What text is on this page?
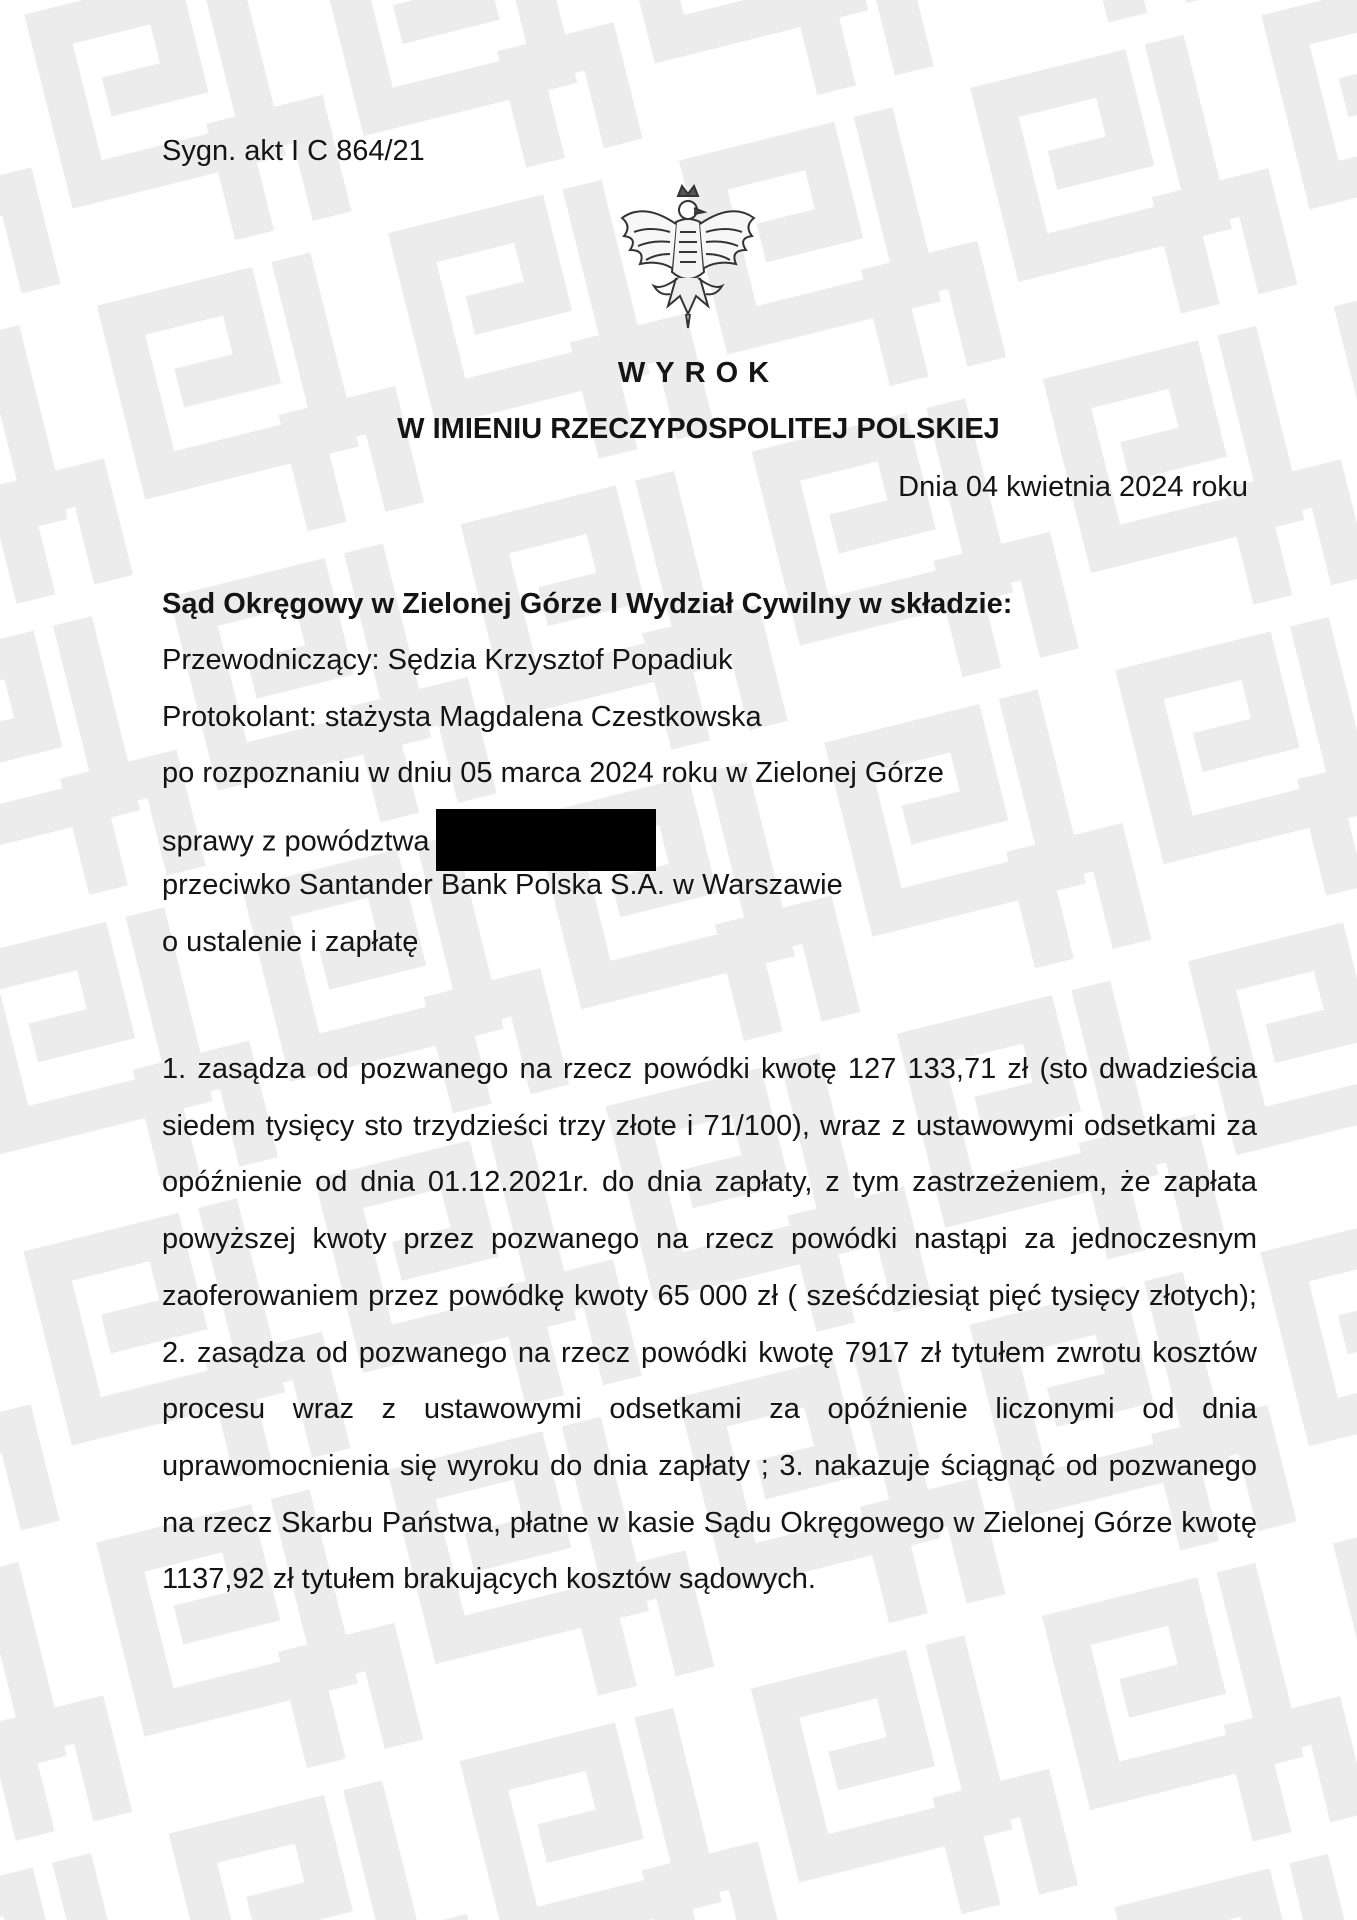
Sygn. akt I C 864/21
WYROK
W IMIENIU RZECZYPOSPOLITEJ POLSKIEJ
Dnia 04 kwietnia 2024 roku
Sąd Okręgowy w Zielonej Górze I Wydział Cywilny w składzie:
Przewodniczący: Sędzia Krzysztof Popadiuk
Protokolant: stażysta Magdalena Czestkowska
po rozpoznaniu w dniu 05 marca 2024 roku w Zielonej Górze
sprawy z powództwa
przeciwko Santander Bank Polska S.A. w Warszawie
o ustalenie i zapłatę
1. zasądza od pozwanego na rzecz powódki kwotę 127 133,71 zł (sto dwadzieścia siedem tysięcy sto trzydzieści trzy złote i 71/100), wraz z ustawowymi odsetkami za opóźnienie od dnia 01.12.2021r. do dnia zapłaty, z tym zastrzeżeniem, że zapłata powyższej kwoty przez pozwanego na rzecz powódki nastąpi za jednoczesnym zaoferowaniem przez powódkę kwoty 65 000 zł ( sześćdziesiąt pięć tysięcy złotych); 2. zasądza od pozwanego na rzecz powódki kwotę 7917 zł tytułem zwrotu kosztów procesu wraz z ustawowymi odsetkami za opóźnienie liczonymi od dnia uprawomocnienia się wyroku do dnia zapłaty ; 3. nakazuje ściągnąć od pozwanego na rzecz Skarbu Państwa, płatne w kasie Sądu Okręgowego w Zielonej Górze kwotę 1137,92 zł tytułem brakujących kosztów sądowych.
